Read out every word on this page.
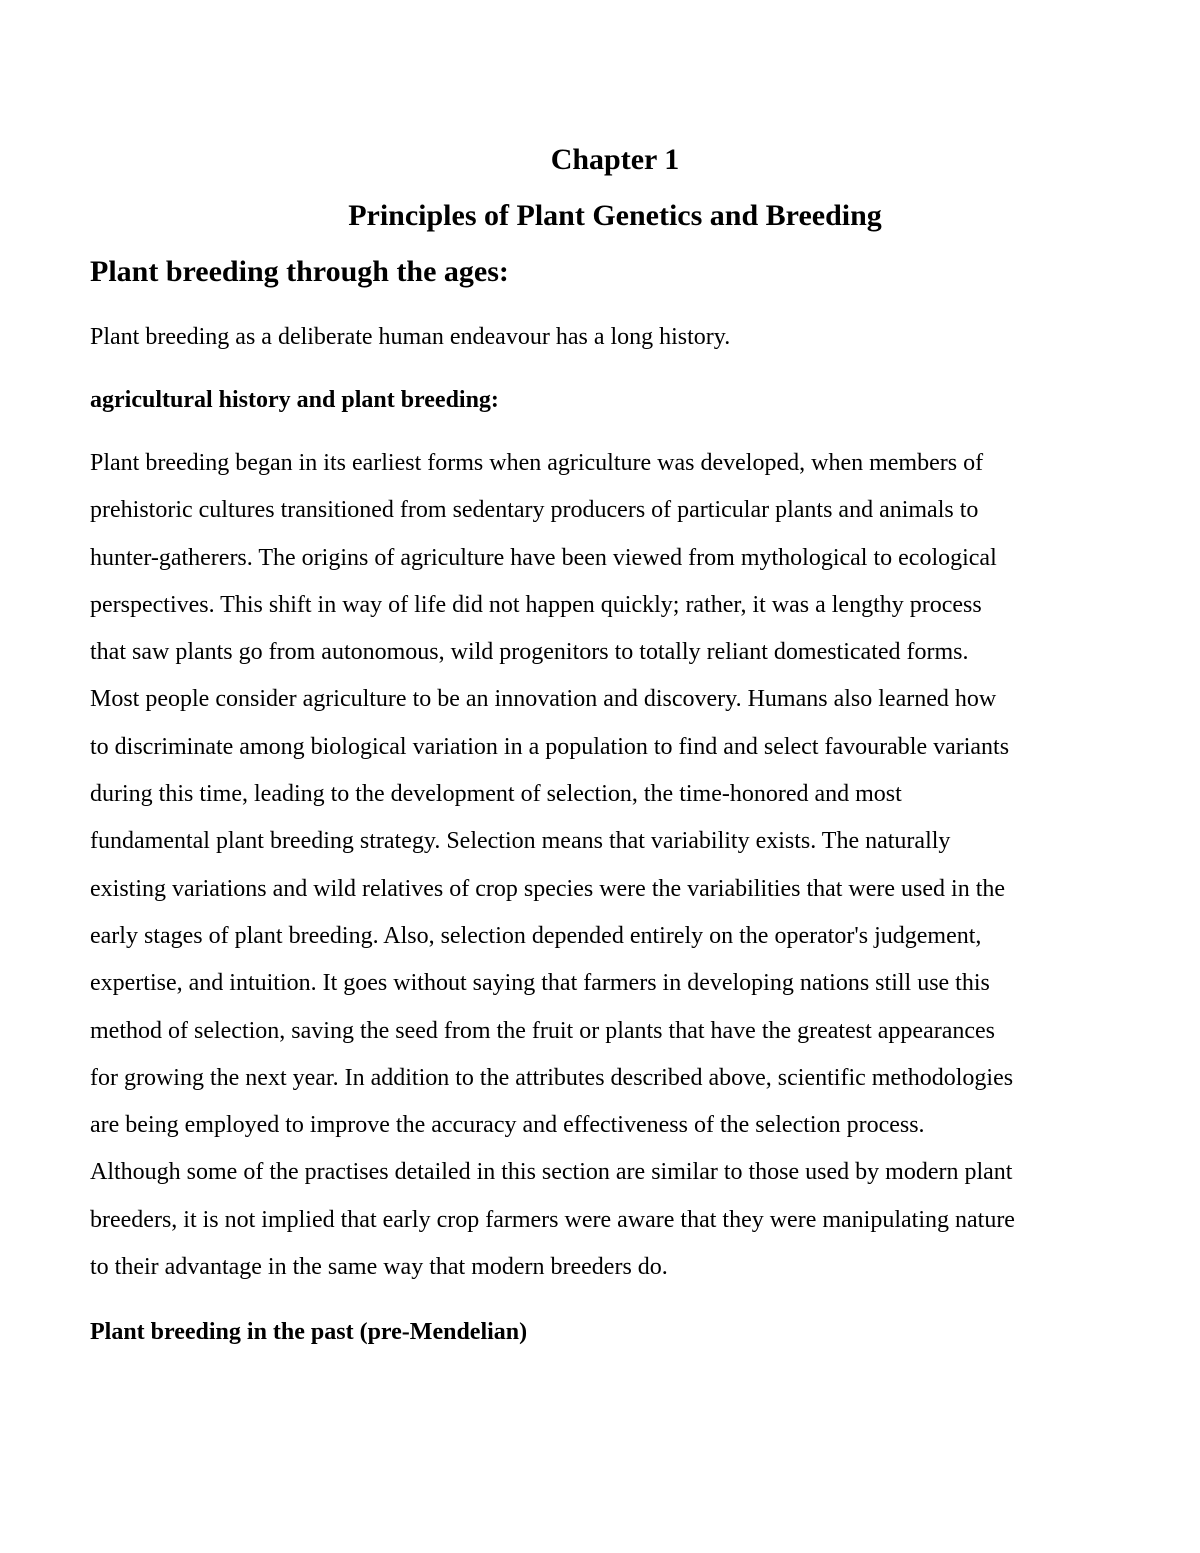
Chapter 1
Principles of Plant Genetics and Breeding
Plant breeding through the ages:
Plant breeding as a deliberate human endeavour has a long history.
agricultural history and plant breeding:
Plant breeding began in its earliest forms when agriculture was developed, when members of
prehistoric cultures transitioned from sedentary producers of particular plants and animals to
hunter-gatherers. The origins of agriculture have been viewed from mythological to ecological
perspectives. This shift in way of life did not happen quickly; rather, it was a lengthy process
that saw plants go from autonomous, wild progenitors to totally reliant domesticated forms.
Most people consider agriculture to be an innovation and discovery. Humans also learned how
to discriminate among biological variation in a population to find and select favourable variants
during this time, leading to the development of selection, the time-honored and most
fundamental plant breeding strategy. Selection means that variability exists. The naturally
existing variations and wild relatives of crop species were the variabilities that were used in the
early stages of plant breeding. Also, selection depended entirely on the operator's judgement,
expertise, and intuition. It goes without saying that farmers in developing nations still use this
method of selection, saving the seed from the fruit or plants that have the greatest appearances
for growing the next year. In addition to the attributes described above, scientific methodologies
are being employed to improve the accuracy and effectiveness of the selection process.
Although some of the practises detailed in this section are similar to those used by modern plant
breeders, it is not implied that early crop farmers were aware that they were manipulating nature
to their advantage in the same way that modern breeders do.
Plant breeding in the past (pre-Mendelian)
